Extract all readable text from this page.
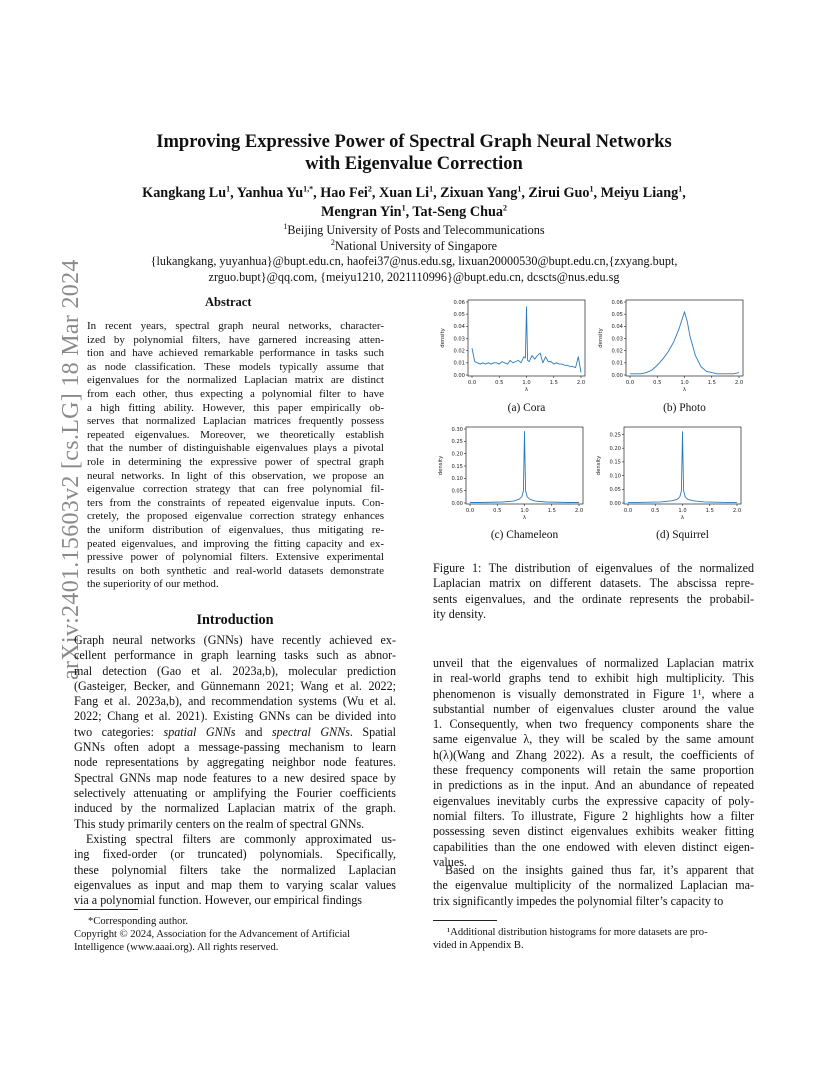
arXiv:2401.15603v2 [cs.LG] 18 Mar 2024
Improving Expressive Power of Spectral Graph Neural Networks
with Eigenvalue Correction
Kangkang Lu$^1$, Yanhua $Yu^{1,*}$, Hao Fei$^2$, Xuan Li$^1$, Zixuan Yang$^1$, Zirui Guo$^1$, Meiyu Liang$^1$,
Mengran Yin$^1$, Tat-Seng Chua$^2$
$^1$Beijing University of Posts and Telecommunications
$^2$National University of Singapore
{lukangkang, yuyanhua}@bupt.edu.cn, haofei37@nus.edu.sg, lixuan20000530@bupt.edu.cn,{zxyang.bupt,
zrguo.bupt}@qq.com, {meiyu1210, 2021110996}@bupt.edu.cn, dcscts@nus.edu.sg
Abstract
In recent years, spectral graph neural networks, character-
ized by polynomial filters, have garnered increasing atten-
tion and have achieved remarkable performance in tasks such
as node classification. These models typically assume that
eigenvalues for the normalized Laplacian matrix are distinct
from each other, thus expecting a polynomial filter to have
a high fitting ability. However, this paper empirically ob-
serves that normalized Laplacian matrices frequently possess
repeated eigenvalues. Moreover, we theoretically establish
that the number of distinguishable eigenvalues plays a pivotal
role in determining the expressive power of spectral graph
neural networks. In light of this observation, we propose an
eigenvalue correction strategy that can free polynomial fil-
ters from the constraints of repeated eigenvalue inputs. Con-
cretely, the proposed eigenvalue correction strategy enhances
the uniform distribution of eigenvalues, thus mitigating re-
peated eigenvalues, and improving the fitting capacity and ex-
pressive power of polynomial filters. Extensive experimental
results on both synthetic and real-world datasets demonstrate
the superiority of our method.
Introduction
Graph neural networks (GNNs) have recently achieved ex-
cellent performance in graph learning tasks such as abnor-
mal detection (Gao et al. 2023a,b), molecular prediction
(Gasteiger, Becker, and Günnemann 2021; Wang et al. 2022;
Fang et al. 2023a,b), and recommendation systems (Wu et al.
2022; Chang et al. 2021). Existing GNNs can be divided into
two categories: spatial GNNs and spectral GNNs. Spatial
GNNs often adopt a message-passing mechanism to learn
node representations by aggregating neighbor node features.
Spectral GNNs map node features to a new desired space by
selectively attenuating or amplifying the Fourier coefficients
induced by the normalized Laplacian matrix of the graph.
This study primarily centers on the realm of spectral GNNs.
Existing spectral filters are commonly approximated us-
ing fixed-order (or truncated) polynomials. Specifically,
these polynomial filters take the normalized Laplacian
eigenvalues as input and map them to varying scalar values
via a polynomial function. However, our empirical findings
*Corresponding author.
Copyright © 2024, Association for the Advancement of Artificial
Intelligence (www.aaai.org). All rights reserved.
0.00
0.01
0.02
0.03
0.04
0.05
0.06
0.0	0.5	1.0	1.5	2.0
λ
density
(a) Cora
0.00
0.01
0.02
0.03
0.04
0.05
0.06
0.0	0.5	1.0	1.5	2.0
λ
density
(b) Photo
0.00
0.05
0.10
0.15
0.20
0.25
0.30
0.0	0.5	1.0	1.5	2.0
λ
density
(c) Chameleon
0.00
0.05
0.10
0.15
0.20
0.25
0.0	0.5	1.0	1.5	2.0
λ
density
(d) Squirrel
Figure 1: The distribution of eigenvalues of the normalized
Laplacian matrix on different datasets. The abscissa repre-
sents eigenvalues, and the ordinate represents the probabil-
ity density.
unveil that the eigenvalues of normalized Laplacian matrix
in real-world graphs tend to exhibit high multiplicity. This
phenomenon is visually demonstrated in Figure 1¹, where a
substantial number of eigenvalues cluster around the value
1. Consequently, when two frequency components share the
same eigenvalue λ, they will be scaled by the same amount
h(λ)(Wang and Zhang 2022). As a result, the coefficients of
these frequency components will retain the same proportion
in predictions as in the input. And an abundance of repeated
eigenvalues inevitably curbs the expressive capacity of poly-
nomial filters. To illustrate, Figure 2 highlights how a filter
possessing seven distinct eigenvalues exhibits weaker fitting
capabilities than the one endowed with eleven distinct eigen-
values.
Based on the insights gained thus far, it’s apparent that
the eigenvalue multiplicity of the normalized Laplacian ma-
trix significantly impedes the polynomial filter’s capacity to
¹Additional distribution histograms for more datasets are pro-
vided in Appendix B.
